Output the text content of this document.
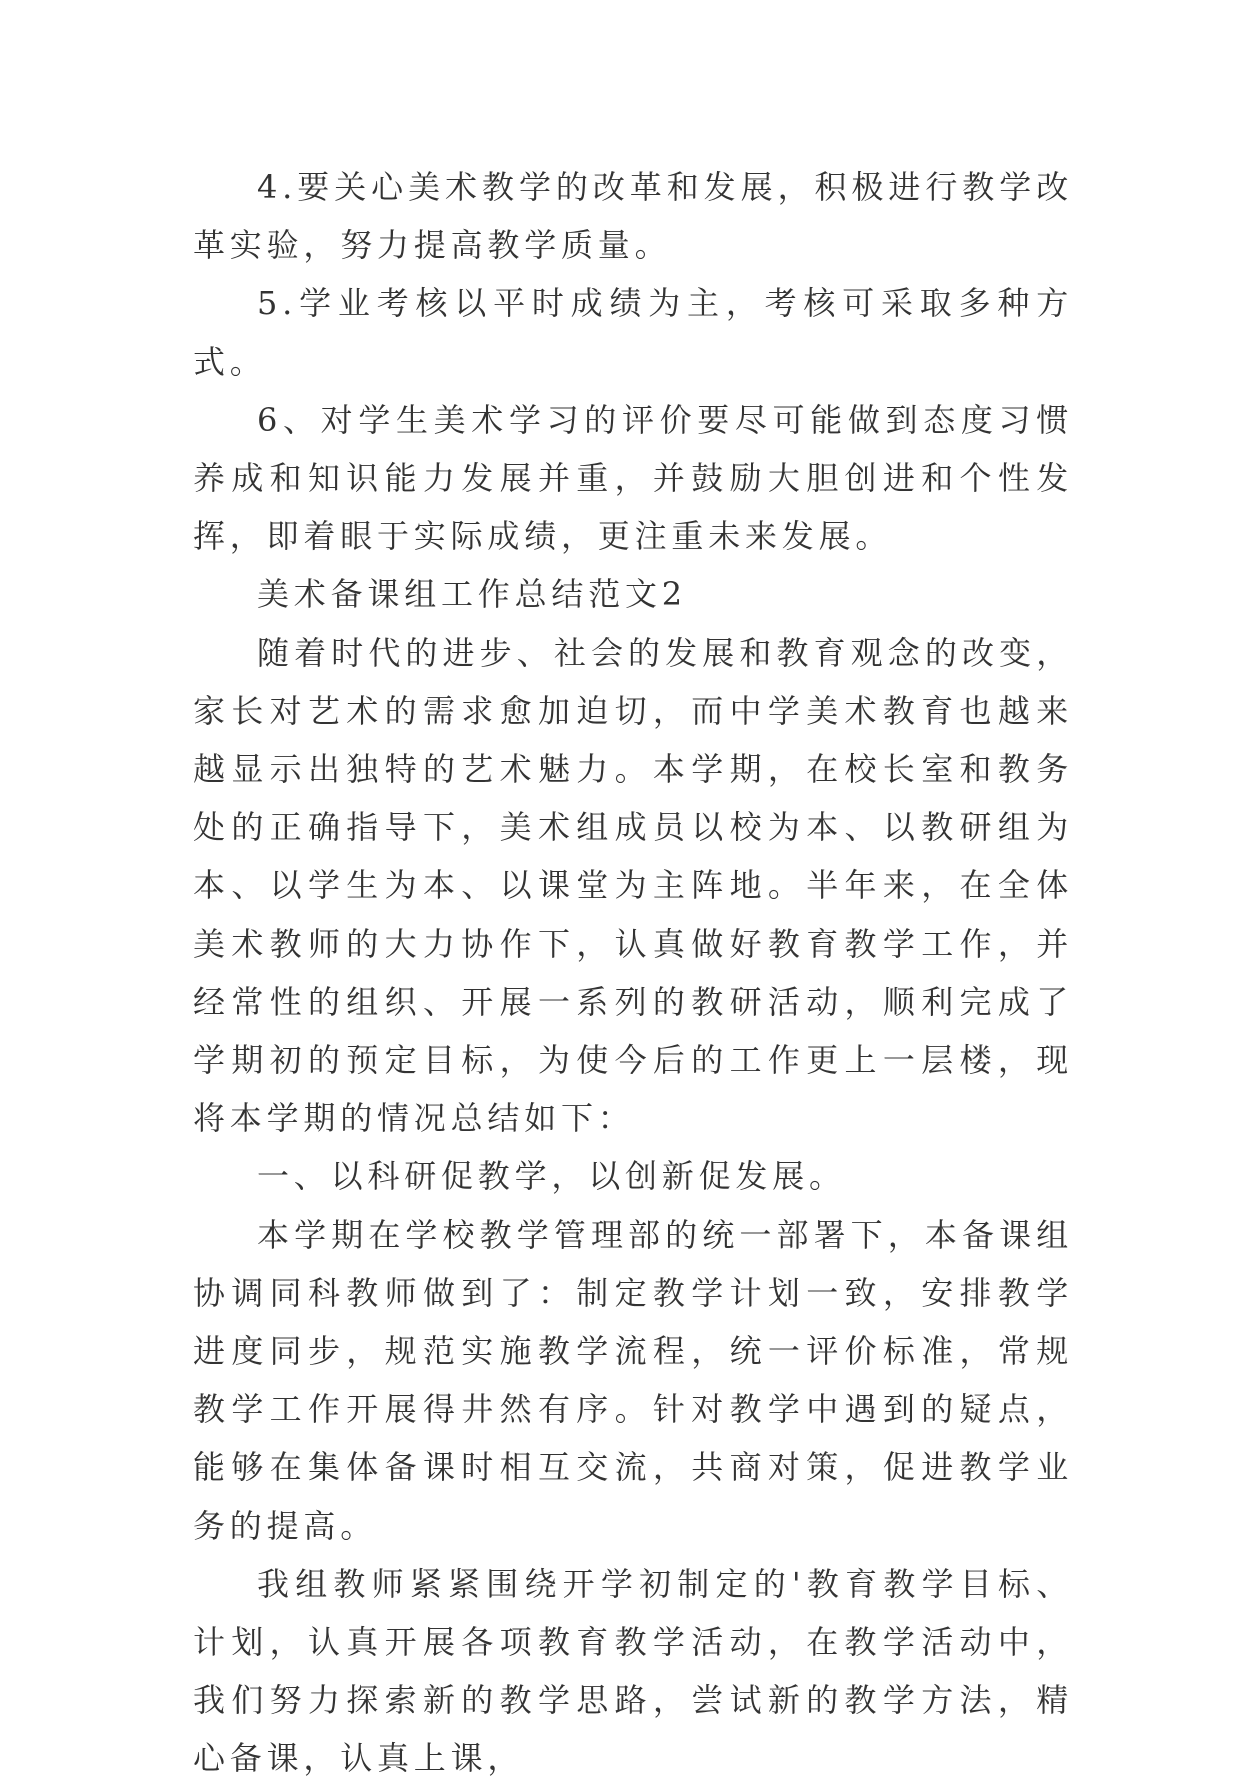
4.要关心美术教学的改革和发展，积极进行教学改革实验，努力提高教学质量。

5.学业考核以平时成绩为主，考核可采取多种方式。

6、对学生美术学习的评价要尽可能做到态度习惯养成和知识能力发展并重，并鼓励大胆创进和个性发挥，即着眼于实际成绩，更注重未来发展。

美术备课组工作总结范文2

随着时代的进步、社会的发展和教育观念的改变，家长对艺术的需求愈加迫切，而中学美术教育也越来越显示出独特的艺术魅力。本学期，在校长室和教务处的正确指导下，美术组成员以校为本、以教研组为本、以学生为本、以课堂为主阵地。半年来，在全体美术教师的大力协作下，认真做好教育教学工作，并经常性的组织、开展一系列的教研活动，顺利完成了学期初的预定目标，为使今后的工作更上一层楼，现将本学期的情况总结如下：

一、以科研促教学，以创新促发展。

本学期在学校教学管理部的统一部署下，本备课组协调同科教师做到了：制定教学计划一致，安排教学进度同步，规范实施教学流程，统一评价标准，常规教学工作开展得井然有序。针对教学中遇到的疑点，能够在集体备课时相互交流，共商对策，促进教学业务的提高。

我组教师紧紧围绕开学初制定的'教育教学目标、计划，认真开展各项教育教学活动，在教学活动中，我们努力探索新的教学思路，尝试新的教学方法，精心备课，认真上课，
